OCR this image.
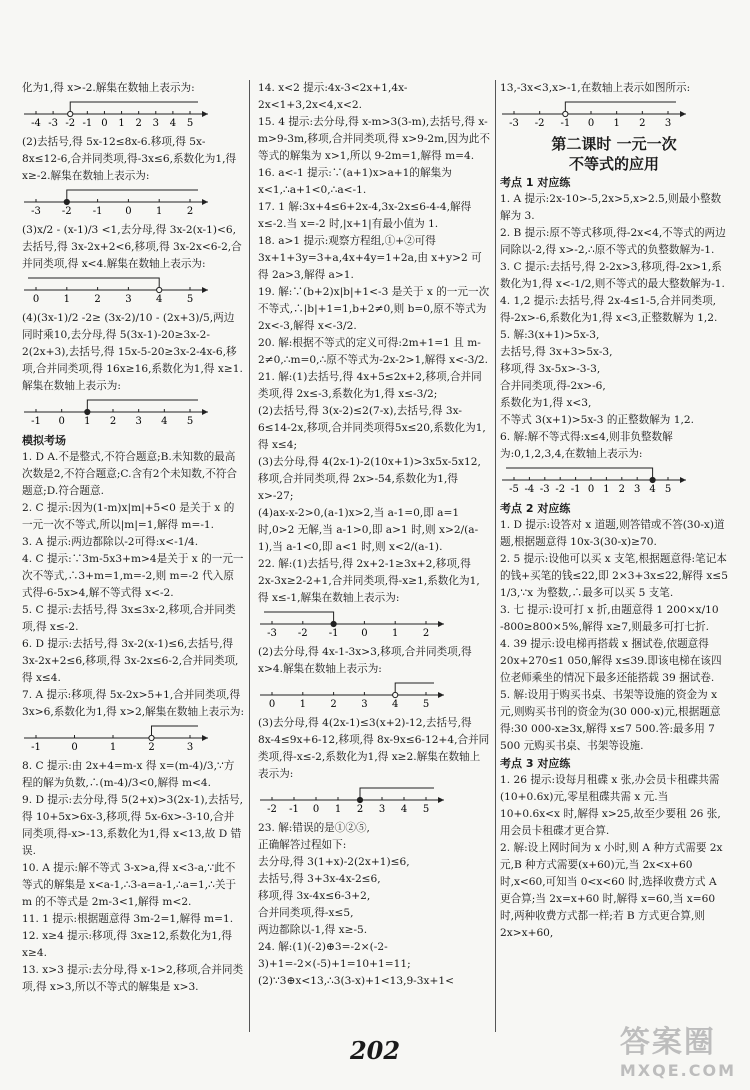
化为1,得 x>-2.解集在数轴上表示为:

-4 -3 -2 -1 0 1 2 3 4 5

(2)去括号,得 5x-12≤8x-6.移项,得 5x-8x≤12-6,合并同类项,得-3x≤6,系数化为1,得 x≥-2.解集在数轴上表示为:

-3 -2 -1 0 1 2

(3)x/2 - (x-1)/3 <1,去分母,得 3x-2(x-1)<6,去括号,得 3x-2x+2<6,移项,得 3x-2x<6-2,合并同类项,得 x<4.解集在数轴上表示为:

0 1 2 3 4 5

(4)(3x-1)/2 -2≥ (3x-2)/10 - (2x+3)/5,两边同时乘10,去分母,得 5(3x-1)-20≥3x-2-2(2x+3),去括号,得 15x-5-20≥3x-2-4x-6,移项,合并同类项,得 16x≥16,系数化为1,得 x≥1.解集在数轴上表示为:

-1 0 1 2 3 4 5

模拟考场

1. D A.不是整式,不符合题意;B.未知数的最高次数是2,不符合题意;C.含有2个未知数,不符合题意;D.符合题意.

2. C 提示:因为(1-m)x|m|+5<0 是关于 x 的一元一次不等式,所以|m|=1,解得 m=-1.

3. A 提示:两边都除以-2可得:x<-1/4.

4. C 提示:∵3m-5x3+m>4是关于 x 的一元一次不等式,∴3+m=1,m=-2,则 m=-2 代入原式得-6-5x>4,解不等式得 x<-2.

5. C 提示:去括号,得 3x≤3x-2,移项,合并同类项,得 x≤-2.

6. D 提示:去括号,得 3x-2(x-1)≤6,去括号,得 3x-2x+2≤6,移项,得 3x-2x≤6-2,合并同类项,得 x≤4.

7. A 提示:移项,得 5x-2x>5+1,合并同类项,得 3x>6,系数化为1,得 x>2,解集在数轴上表示为:

-1	0	1	2	3

8. C 提示:由 2x+4=m-x 得 x=(m-4)/3,∵方程的解为负数,∴(m-4)/3<0,解得 m<4.

9. D 提示:去分母,得 5(2+x)>3(2x-1),去括号,得 10+5x>6x-3,移项,得 5x-6x>-3-10,合并同类项,得-x>-13,系数化为1,得 x<13,故 D 错误.

10. A 提示:解不等式 3-x>a,得 x<3-a,∵此不等式的解集是 x<a-1,∴3-a=a-1,∴a=1,∴关于 m 的不等式是 2m-3<1,解得 m<2.

11. 1 提示:根据题意得 3m-2=1,解得 m=1.

12. x≥4 提示:移项,得 3x≥12,系数化为1,得 x≥4.

13. x>3 提示:去分母,得 x-1>2,移项,合并同类项,得 x>3,所以不等式的解集是 x>3.

14. x<2 提示:4x-3<2x+1,4x-2x<1+3,2x<4,x<2.

15. 4 提示:去分母,得 x-m>3(3-m),去括号,得 x-m>9-3m,移项,合并同类项,得 x>9-2m,因为此不等式的解集为 x>1,所以 9-2m=1,解得 m=4.

16. a<-1 提示:∵(a+1)x>a+1的解集为 x<1,∴a+1<0,∴a<-1.

17. 1 解:3x+4≤6+2x-4,3x-2x≤6-4-4,解得 x≤-2.当 x=-2 时,|x+1|有最小值为 1.

18. a>1 提示:观察方程组,①+②可得 3x+1+3y=3+a,4x+4y=1+2a,由 x+y>2 可得 2a>3,解得 a>1.

19. 解:∵(b+2)x|b|+1<-3 是关于 x 的一元一次不等式,∴|b|+1=1,b+2≠0,则 b=0,原不等式为 2x<-3,解得 x<-3/2.

20. 解:根据不等式的定义可得:2m+1=1 且 m-2≠0,∴m=0,∴原不等式为-2x-2>1,解得 x<-3/2.

21. 解:(1)去括号,得 4x+5≤2x+2,移项,合并同类项,得 2x≤-3,系数化为1,得 x≤-3/2;

(2)去括号,得 3(x-2)≤2(7-x),去括号,得 3x-6≤14-2x,移项,合并同类项得5x≤20,系数化为1,得 x≤4;

(3)去分母,得 4(2x-1)-2(10x+1)>3x5x-5x12,移项,合并同类项,得 2x>-54,系数化为1,得 x>-27;

(4)ax-x-2>0,(a-1)x>2,当 a-1=0,即 a=1 时,0>2 无解,当 a-1>0,即 a>1 时,则 x>2/(a-1),当 a-1<0,即 a<1 时,则 x<2/(a-1).

22. 解:(1)去括号,得 2x+2-1≥3x+2,移项,得 2x-3x≥2-2+1,合并同类项,得-x≥1,系数化为1,得 x≤-1,解集在数轴上表示为:

-3 -2 -1 0 1 2

(2)去分母,得 4x-1-3x>3,移项,合并同类项,得 x>4.解集在数轴上表示为:

0 1 2 3 4 5

(3)去分母,得 4(2x-1)≤3(x+2)-12,去括号,得 8x-4≤9x+6-12,移项,得 8x-9x≤6-12+4,合并同类项,得-x≤-2,系数化为1,得 x≥2.解集在数轴上表示为:

-2 -1 0 1 2 3 4 5

23. 解:错误的是①②⑤,

正确解答过程如下:

去分母,得 3(1+x)-2(2x+1)≤6,

去括号,得 3+3x-4x-2≤6,

移项,得 3x-4x≤6-3+2,

合并同类项,得-x≤5,

两边都除以-1,得 x≥-5.

24. 解:(1)(-2)⊕3=-2×(-2-3)+1=-2×(-5)+1=10+1=11;

(2)∵3⊕x<13,∴3(3-x)+1<13,9-3x+1<

13,-3x<3,x>-1,在数轴上表示如图所示:

-3 -2 -1 0 1 2 3

第二课时 一元一次

不等式的应用

考点 1 对应练

1. A 提示:2x-10>-5,2x>5,x>2.5,则最小整数解为 3.

2. B 提示:原不等式移项,得-2x<4,不等式的两边同除以-2,得 x>-2,∴原不等式的负整数解为-1.

3. C 提示:去括号,得 2-2x>3,移项,得-2x>1,系数化为1,得 x<-1/2,则不等式的最大整数解为-1.

4. 1,2 提示:去括号,得 2x-4≤1-5,合并同类项,得-2x>-6,系数化为1,得 x<3,正整数解为 1,2.

5. 解:3(x+1)>5x-3,

去括号,得 3x+3>5x-3,

移项,得 3x-5x>-3-3,

合并同类项,得-2x>-6,

系数化为1,得 x<3,

不等式 3(x+1)>5x-3 的正整数解为 1,2.

6. 解:解不等式得:x≤4,则非负整数解为:0,1,2,3,4,在数轴上表示为:

-5 -4 -3 -2 -1 0 1 2 3 4 5

考点 2 对应练

1. D 提示:设答对 x 道题,则答错或不答(30-x)道题,根据题意得 10x-3(30-x)≥70.

2. 5 提示:设他可以买 x 支笔,根据题意得:笔记本的钱+买笔的钱≤22,即 2×3+3x≤22,解得 x≤5 1/3,∵x 为整数,∴最多可以买 5 支笔.

3. 七 提示:设可打 x 折,由题意得 1 200×x/10 -800≥800×5%,解得 x≥7,则最多可打七折.

4. 39 提示:设电梯再搭载 x 捆试卷,依题意得 20x+270≤1 050,解得 x≤39.即该电梯在该四位老师乘坐的情况下最多还能搭载 39 捆试卷.

5. 解:设用于购买书桌、书架等设施的资金为 x 元,则购买书刊的资金为(30 000-x)元,根据题意得:30 000-x≥3x,解得 x≤7 500.答:最多用 7 500 元购买书桌、书架等设施.

考点 3 对应练

1. 26 提示:设每月租碟 x 张,办会员卡租碟共需(10+0.6x)元,零星租碟共需 x 元.当 10+0.6x<x 时,解得 x>25,故至少要租 26 张,用会员卡租碟才更合算.

2. 解:设上网时间为 x 小时,则 A 种方式需要 2x 元,B 种方式需要(x+60)元,当 2x<x+60 时,x<60,可知当 0<x<60 时,选择收费方式 A 更合算;当 2x=x+60 时,解得 x=60,当 x=60 时,两种收费方式都一样;若 B 方式更合算,则 2x>x+60,

202	答案圈
MXQE.COM
